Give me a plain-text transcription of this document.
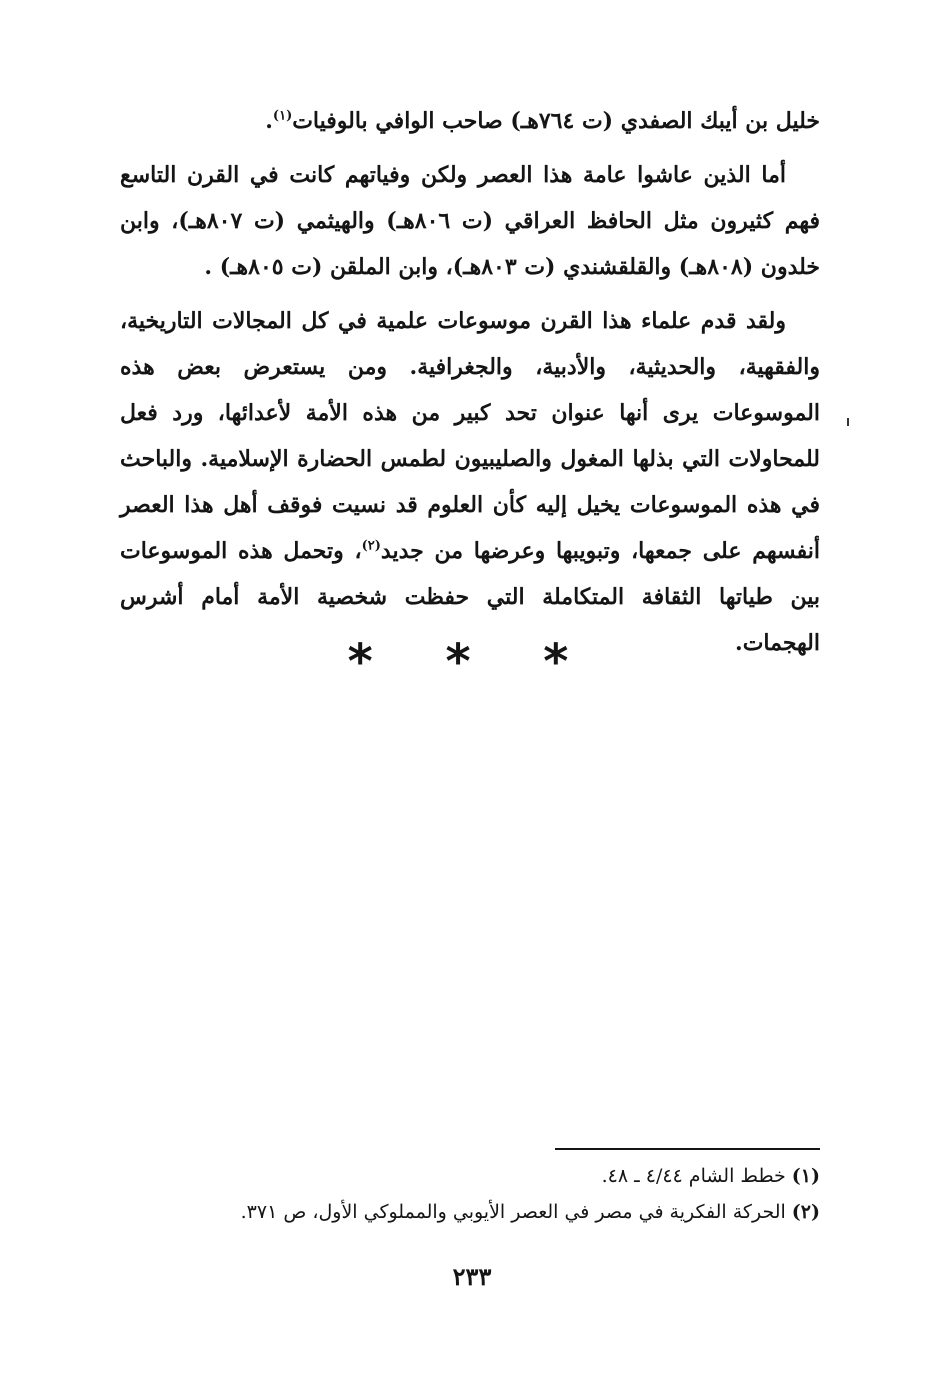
خليل بن أيبك الصفدي (ت ٧٦٤هـ) صاحب الوافي بالوفيات$^{(١)}$.

أما الذين عاشوا عامة هذا العصر ولكن وفياتهم كانت في القرن التاسع فهم كثيرون مثل الحافظ العراقي (ت ٨٠٦هـ) والهيثمي (ت ٨٠٧هـ)، وابن خلدون (٨٠٨هـ) والقلقشندي (ت ٨٠٣هـ)، وابن الملقن (ت ٨٠٥هـ) .

ولقد قدم علماء هذا القرن موسوعات علمية في كل المجالات التاريخية، والفقهية، والحديثية، والأدبية، والجغرافية. ومن يستعرض بعض هذه الموسوعات يرى أنها عنوان تحد كبير من هذه الأمة لأعدائها، ورد فعل للمحاولات التي بذلها المغول والصليبيون لطمس الحضارة الإسلامية. والباحث في هذه الموسوعات يخيل إليه كأن العلوم قد نسيت فوقف أهل هذا العصر أنفسهم على جمعها، وتبويبها وعرضها من جديد$^{(٢)}$، وتحمل هذه الموسوعات بين طياتها الثقافة المتكاملة التي حفظت شخصية الأمة أمام أشرس الهجمات.

* * *

(١)خطط الشام ٤/٤٤ ـ ٤٨.

(٢)الحركة الفكرية في مصر في العصر الأيوبي والمملوكي الأول، ص ٣٧١.

٢٣٣
